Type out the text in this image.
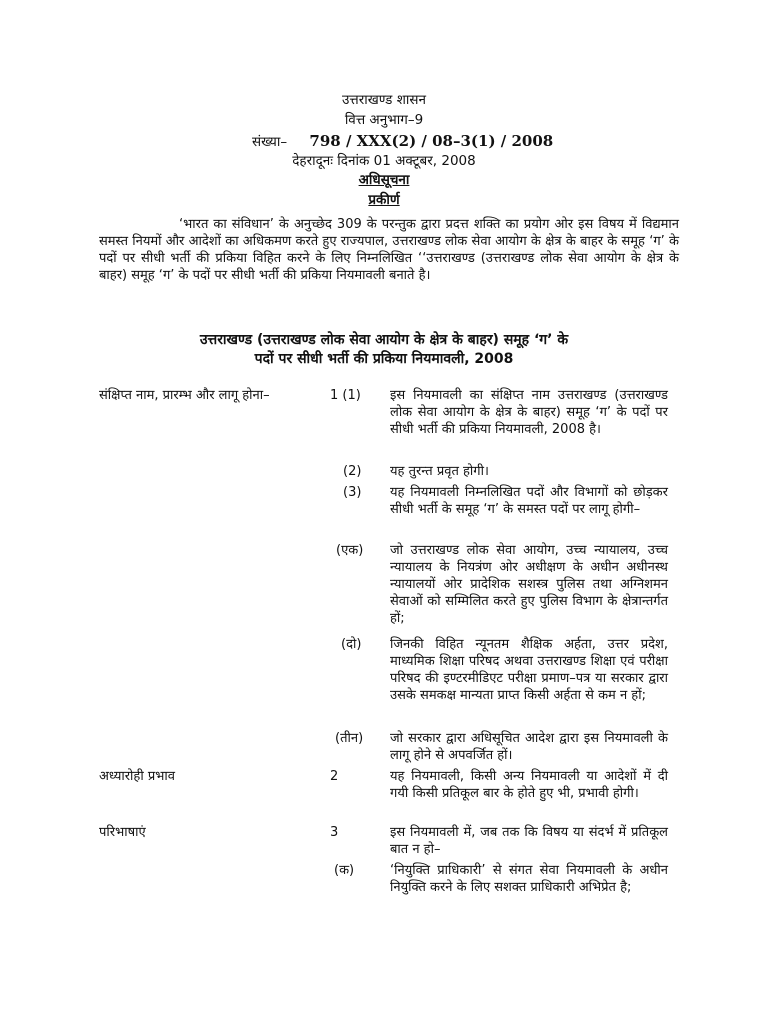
उत्तराखण्ड शासन
वित्त अनुभाग–9
संख्या– 798 / XXX(2) / 08–3(1) / 2008
देहरादूनः दिनांक 01 अक्टूबर, 2008
अधिसूचना
प्रकीर्ण

‘भारत का संविधान’ के अनुच्छेद 309 के परन्तुक द्वारा प्रदत्त शक्ति का प्रयोग ओर इस विषय में विद्यमान समस्त नियमों और आदेशों का अधिकमण करते हुए राज्यपाल, उत्तराखण्ड लोक सेवा आयोग के क्षेत्र के बाहर के समूह ‘ग’ के पदों पर सीधी भर्ती की प्रकिया विहित करने के लिए निम्नलिखित ‘‘उत्तराखण्ड (उत्तराखण्ड लोक सेवा आयोग के क्षेत्र के बाहर) समूह ‘ग’ के पदों पर सीधी भर्ती की प्रकिया नियमावली बनाते है।

उत्तराखण्ड (उत्तराखण्ड लोक सेवा आयोग के क्षेत्र के बाहर) समूह ‘ग’ के
पदों पर सीधी भर्ती की प्रकिया नियमावली, 2008
संक्षिप्त नाम, प्रारम्भ और लागू होना–	1 (1) इस नियमावली का संक्षिप्त नाम उत्तराखण्ड (उत्तराखण्ड लोक सेवा आयोग के क्षेत्र के बाहर) समूह ‘ग’ के पदों पर सीधी भर्ती की प्रकिया नियमावली, 2008 है।
(2) यह तुरन्त प्रवृत होगी।
(3) यह नियमावली निम्नलिखित पदों और विभागों को छोड़कर सीधी भर्ती के समूह ‘ग’ के समस्त पदों पर लागू होगी–
(एक) जो उत्तराखण्ड लोक सेवा आयोग, उच्च न्यायालय, उच्च न्यायालय के नियत्रंण ओर अधीक्षण के अधीन अधीनस्थ न्यायालयों ओर प्रादेशिक सशस्त्र पुलिस तथा अग्निशमन सेवाओं को सम्मिलित करते हुए पुलिस विभाग के क्षेत्रान्तर्गत हों;
(दो) जिनकी विहित न्यूनतम शैक्षिक अर्हता, उत्तर प्रदेश, माध्यमिक शिक्षा परिषद अथवा उत्तराखण्ड शिक्षा एवं परीक्षा परिषद की इण्टरमीडिएट परीक्षा प्रमाण–पत्र या सरकार द्वारा उसके समकक्ष मान्यता प्राप्त किसी अर्हता से कम न हों;
(तीन) जो सरकार द्वारा अधिसूचित आदेश द्वारा इस नियमावली के लागू होने से अपवर्जित हों।
अध्यारोही प्रभाव	2	यह नियमावली, किसी अन्य नियमावली या आदेशों में दी गयी किसी प्रतिकूल बार के होते हुए भी, प्रभावी होगी।
परिभाषाएं	3	इस नियमावली में, जब तक कि विषय या संदर्भ में प्रतिकूल बात न हो–
(क)	‘नियुक्ति प्राधिकारी’ से संगत सेवा नियमावली के अधीन नियुक्ति करने के लिए सशक्त प्राधिकारी अभिप्रेत है;
